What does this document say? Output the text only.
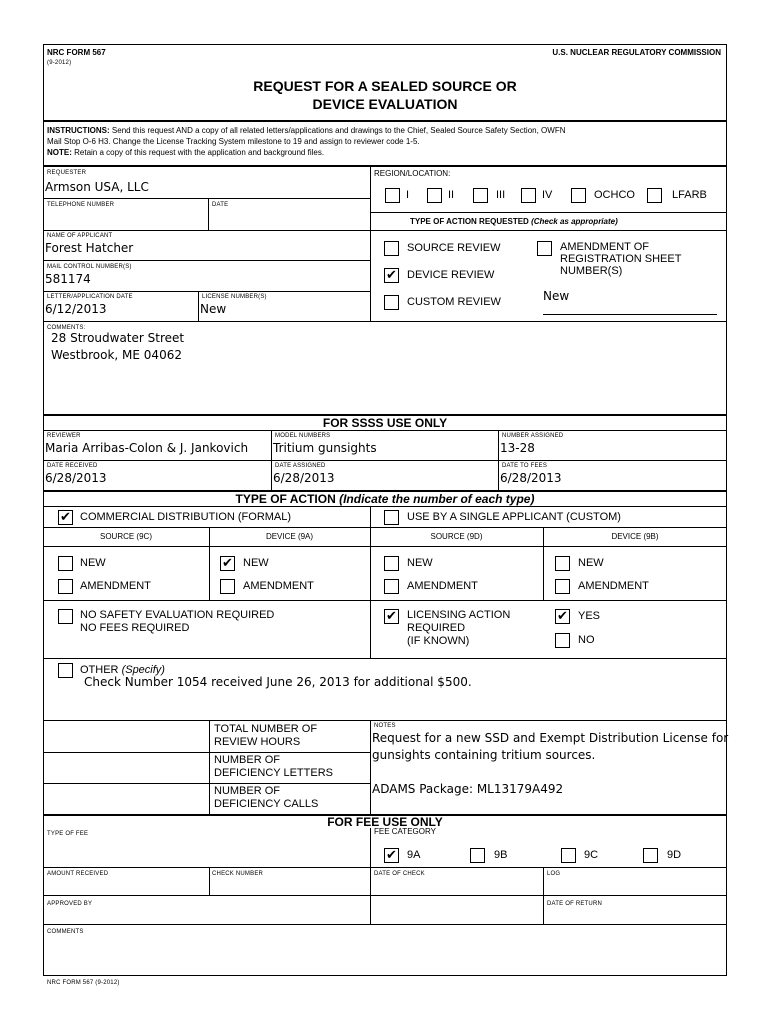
NRC FORM 567
(9-2012)
U.S. NUCLEAR REGULATORY COMMISSION
REQUEST FOR A SEALED SOURCE OR
DEVICE EVALUATION
INSTRUCTIONS: Send this request AND a copy of all related letters/applications and drawings to the Chief, Sealed Source Safety Section, OWFN
Mail Stop O-6 H3. Change the License Tracking System milestone to 19 and assign to reviewer code 1-5.
NOTE: Retain a copy of this request with the application and background files.
REQUESTER
Armson USA, LLC
TELEPHONE NUMBER	DATE
NAME OF APPLICANT
Forest Hatcher
MAIL CONTROL NUMBER(S)
581174
LETTER/APPLICATION DATE
6/12/2013
LICENSE NUMBER(S)
New
REGION/LOCATION:
I	II	III	IV	OCHCO	LFARB
TYPE OF ACTION REQUESTED (Check as appropriate)
SOURCE REVIEW
✔ DEVICE REVIEW
CUSTOM REVIEW
AMENDMENT OF
REGISTRATION SHEET
NUMBER(S)
New
COMMENTS:
28 Stroudwater Street
Westbrook, ME 04062
FOR SSSS USE ONLY
REVIEWER
Maria Arribas-Colon & J. Jankovich
MODEL NUMBERS
Tritium gunsights
NUMBER ASSIGNED
13-28
DATE RECEIVED
6/28/2013
DATE ASSIGNED
6/28/2013
DATE TO FEES
6/28/2013
TYPE OF ACTION (Indicate the number of each type)
✔ COMMERCIAL DISTRIBUTION (FORMAL)	USE BY A SINGLE APPLICANT (CUSTOM)
SOURCE (9C)	DEVICE (9A)	SOURCE (9D)	DEVICE (9B)
NEW
AMENDMENT
✔ NEW
AMENDMENT
NEW
AMENDMENT
NEW
AMENDMENT
NO SAFETY EVALUATION REQUIRED
NO FEES REQUIRED
✔ LICENSING ACTION
REQUIRED
(IF KNOWN)
✔ YES
NO
OTHER (Specify)
Check Number 1054 received June 26, 2013 for additional $500.
TOTAL NUMBER OF
REVIEW HOURS
NUMBER OF
DEFICIENCY LETTERS
NUMBER OF
DEFICIENCY CALLS
NOTES
Request for a new SSD and Exempt Distribution License for
gunsights containing tritium sources.
ADAMS Package: ML13179A492
FOR FEE USE ONLY
TYPE OF FEE	FEE CATEGORY
✔ 9A	9B	9C	9D
AMOUNT RECEIVED	CHECK NUMBER	DATE OF CHECK	LOG
APPROVED BY	DATE OF RETURN
COMMENTS
NRC FORM 567 (9-2012)
